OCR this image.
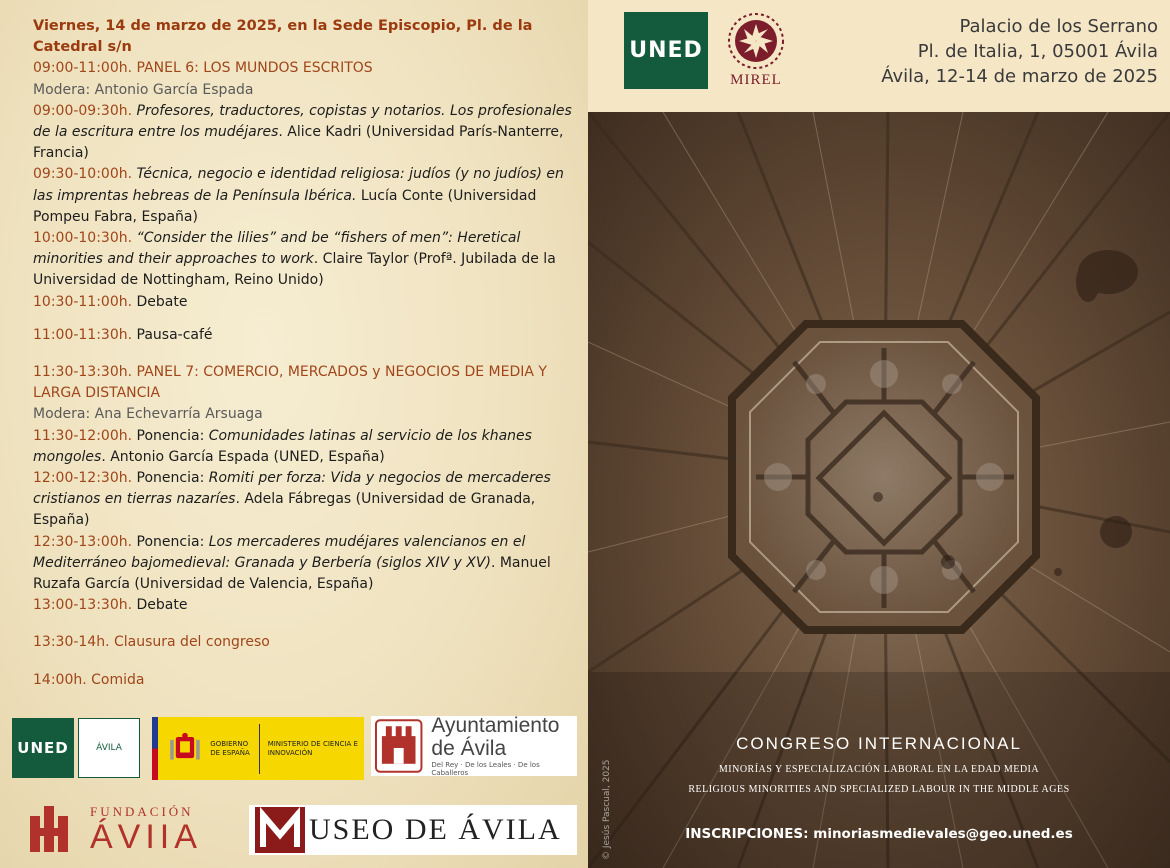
Viernes, 14 de marzo de 2025, en la Sede Episcopio, Pl. de la Catedral s/n
09:00-11:00h. PANEL 6: LOS MUNDOS ESCRITOS
Modera: Antonio García Espada
09:00-09:30h. Profesores, traductores, copistas y notarios. Los profesionales de la escritura entre los mudéjares. Alice Kadri (Universidad París-Nanterre, Francia)
09:30-10:00h. Técnica, negocio e identidad religiosa: judíos (y no judíos) en las imprentas hebreas de la Península Ibérica. Lucía Conte (Universidad Pompeu Fabra, España)
10:00-10:30h. “Consider the lilies” and be “fishers of men”: Heretical minorities and their approaches to work. Claire Taylor (Profª. Jubilada de la Universidad de Nottingham, Reino Unido)
10:30-11:00h. Debate
11:00-11:30h. Pausa-café
11:30-13:30h. PANEL 7: COMERCIO, MERCADOS y NEGOCIOS DE MEDIA Y LARGA DISTANCIA
Modera: Ana Echevarría Arsuaga
11:30-12:00h. Ponencia: Comunidades latinas al servicio de los khanes mongoles. Antonio García Espada (UNED, España)
12:00-12:30h. Ponencia: Romiti per forza: Vida y negocios de mercaderes cristianos en tierras nazaríes. Adela Fábregas (Universidad de Granada, España)
12:30-13:00h. Ponencia: Los mercaderes mudéjares valencianos en el Mediterráneo bajomedieval: Granada y Berbería (siglos XIV y XV). Manuel Ruzafa García (Universidad de Valencia, España)
13:00-13:30h. Debate
13:30-14h. Clausura del congreso
14:00h. Comida
UNED	ÁVILA	GOBIERNO DE ESPAÑA
MINISTERIO DE CIENCIA E INNOVACIÓN
Ayuntamiento
de Ávila
Del Rey · De los Leales · De los Caballeros
FUNDACIÓN
ÁVIIA	USEO DE ÁVILA
UNED
MIREL
Palacio de los Serrano
Pl. de Italia, 1, 05001 Ávila
Ávila, 12-14 de marzo de 2025
© Jesús Pascual, 2025
CONGRESO INTERNACIONAL
MINORÍAS Y ESPECIALIZACIÓN LABORAL EN LA EDAD MEDIA
RELIGIOUS MINORITIES AND SPECIALIZED LABOUR IN THE MIDDLE AGES
INSCRIPCIONES: minoriasmedievales@geo.uned.es
